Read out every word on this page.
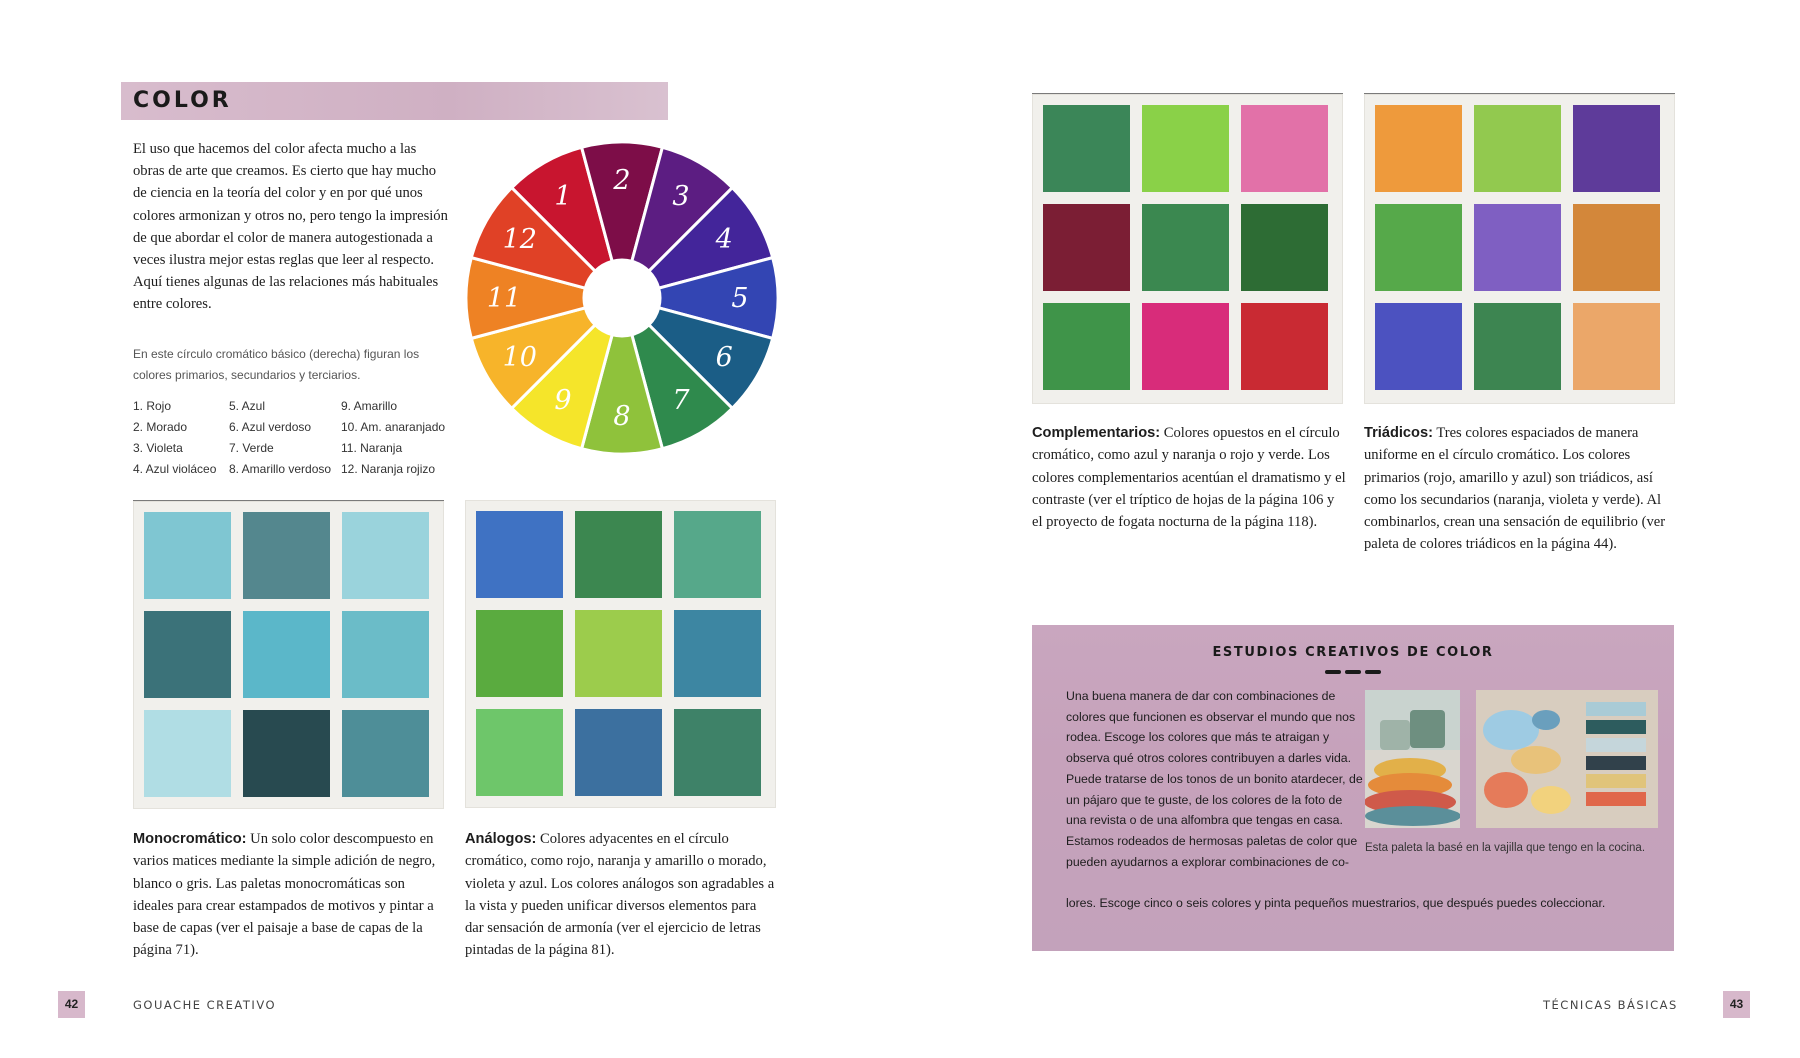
COLOR
El uso que hacemos del color afecta mucho a las obras de arte que creamos. Es cierto que hay mucho de ciencia en la teoría del color y en por qué unos colores armonizan y otros no, pero tengo la impresión de que abordar el color de manera autogestionada a veces ilustra mejor estas reglas que leer al respecto. Aquí tienes algunas de las relaciones más habituales entre colores.
En este círculo cromático básico (derecha) figuran los colores primarios, secundarios y terciarios.
1. Rojo
2. Morado
3. Violeta
4. Azul violáceo
5. Azul
6. Azul verdoso
7. Verde
8. Amarillo verdoso
9. Amarillo
10. Am. anaranjado
11. Naranja
12. Naranja rojizo
1
2
3
4
5
6
7
8
9
10
11
12
Monocromático: Un solo color descompuesto en varios matices mediante la simple adición de negro, blanco o gris. Las paletas monocromáticas son ideales para crear estampados de motivos y pintar a base de capas (ver el paisaje a base de capas de la página 71).
Análogos: Colores adyacentes en el círculo cromático, como rojo, naranja y amarillo o morado, violeta y azul. Los colores análogos son agradables a la vista y pueden unificar diversos elementos para dar sensación de armonía (ver el ejercicio de letras pintadas de la página 81).
42	GOUACHE CREATIVO
Complementarios: Colores opuestos en el círculo cromático, como azul y naranja o rojo y verde. Los colores complementarios acentúan el dramatismo y el contraste (ver el tríptico de hojas de la página 106 y el proyecto de fogata nocturna de la página 118).
Triádicos: Tres colores espaciados de manera uniforme en el círculo cromático. Los colores primarios (rojo, amarillo y azul) son triádicos, así como los secundarios (naranja, violeta y verde). Al combinarlos, crean una sensación de equilibrio (ver paleta de colores triádicos en la página 44).
ESTUDIOS CREATIVOS DE COLOR
Una buena manera de dar con combinaciones de colores que funcionen es observar el mundo que nos rodea. Escoge los colores que más te atraigan y observa qué otros colores contribuyen a darles vida. Puede tratarse de los tonos de un bonito atardecer, de un pájaro que te guste, de los colores de la foto de una revista o de una alfombra que tengas en casa. Estamos rodeados de hermosas paletas de color que pueden ayudarnos a explorar combinaciones de co-
lores. Escoge cinco o seis colores y pinta pequeños muestrarios, que después puedes coleccionar.
Esta paleta la basé en la vajilla que tengo en la cocina.
TÉCNICAS BÁSICAS	43
